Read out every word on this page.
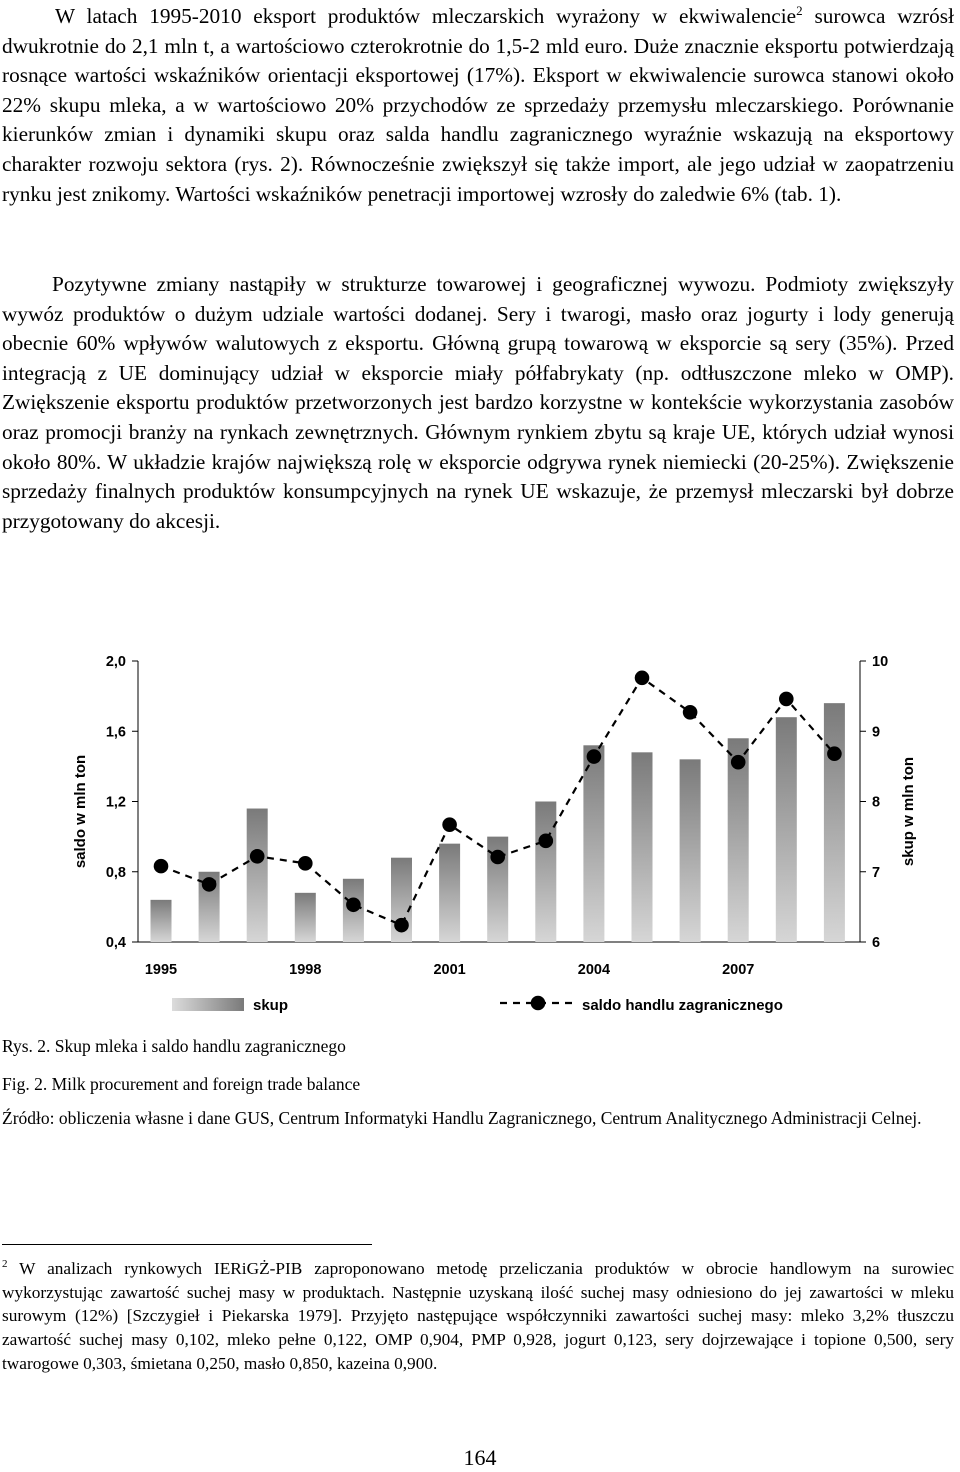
W latach 1995-2010 eksport produktów mleczarskich wyrażony w ekwiwalencie$^2$ surowca wzrósł dwukrotnie do 2,1 mln t, a wartościowo czterokrotnie do 1,5-2 mld euro. Duże znacznie eksportu potwierdzają rosnące wartości wskaźników orientacji eksportowej (17%). Eksport w ekwiwalencie surowca stanowi około 22% skupu mleka, a w wartościowo 20% przychodów ze sprzedaży przemysłu mleczarskiego. Porównanie kierunków zmian i dynamiki skupu oraz salda handlu zagranicznego wyraźnie wskazują na eksportowy charakter rozwoju sektora (rys. 2). Równocześnie zwiększył się także import, ale jego udział w zaopatrzeniu rynku jest znikomy. Wartości wskaźników penetracji importowej wzrosły do zaledwie 6% (tab. 1).

Pozytywne zmiany nastąpiły w strukturze towarowej i geograficznej wywozu. Podmioty zwiększyły wywóz produktów o dużym udziale wartości dodanej. Sery i twarogi, masło oraz jogurty i lody generują obecnie 60% wpływów walutowych z eksportu. Główną grupą towarową w eksporcie są sery (35%). Przed integracją z UE dominujący udział w eksporcie miały półfabrykaty (np. odtłuszczone mleko w OMP). Zwiększenie eksportu produktów przetworzonych jest bardzo korzystne w kontekście wykorzystania zasobów oraz promocji branży na rynkach zewnętrznych. Głównym rynkiem zbytu są kraje UE, których udział wynosi około 80%. W układzie krajów największą rolę w eksporcie odgrywa rynek niemiecki (20-25%). Zwiększenie sprzedaży finalnych produktów konsumpcyjnych na rynek UE wskazuje, że przemysł mleczarski był dobrze przygotowany do akcesji.

0,4
0,8
1,2
1,6
2,0
6
7
8
9
10
1995	1998	2001	2004	2007
saldo w mln ton	skup w mln ton
skup	saldo handlu zagranicznego

Rys. 2. Skup mleka i saldo handlu zagranicznego

Fig. 2. Milk procurement and foreign trade balance

Źródło: obliczenia własne i dane GUS, Centrum Informatyki Handlu Zagranicznego, Centrum Analitycznego Administracji Celnej.

$^2$ W analizach rynkowych IERiGŻ-PIB zaproponowano metodę przeliczania produktów w obrocie handlowym na surowiec wykorzystując zawartość suchej masy w produktach. Następnie uzyskaną ilość suchej masy odniesiono do jej zawartości w mleku surowym (12%) [Szczygieł i Piekarska 1979]. Przyjęto następujące współczynniki zawartości suchej masy: mleko 3,2% tłuszczu zawartość suchej masy 0,102, mleko pełne 0,122, OMP 0,904, PMP 0,928, jogurt 0,123, sery dojrzewające i topione 0,500, sery twarogowe 0,303, śmietana 0,250, masło 0,850, kazeina 0,900.

164
